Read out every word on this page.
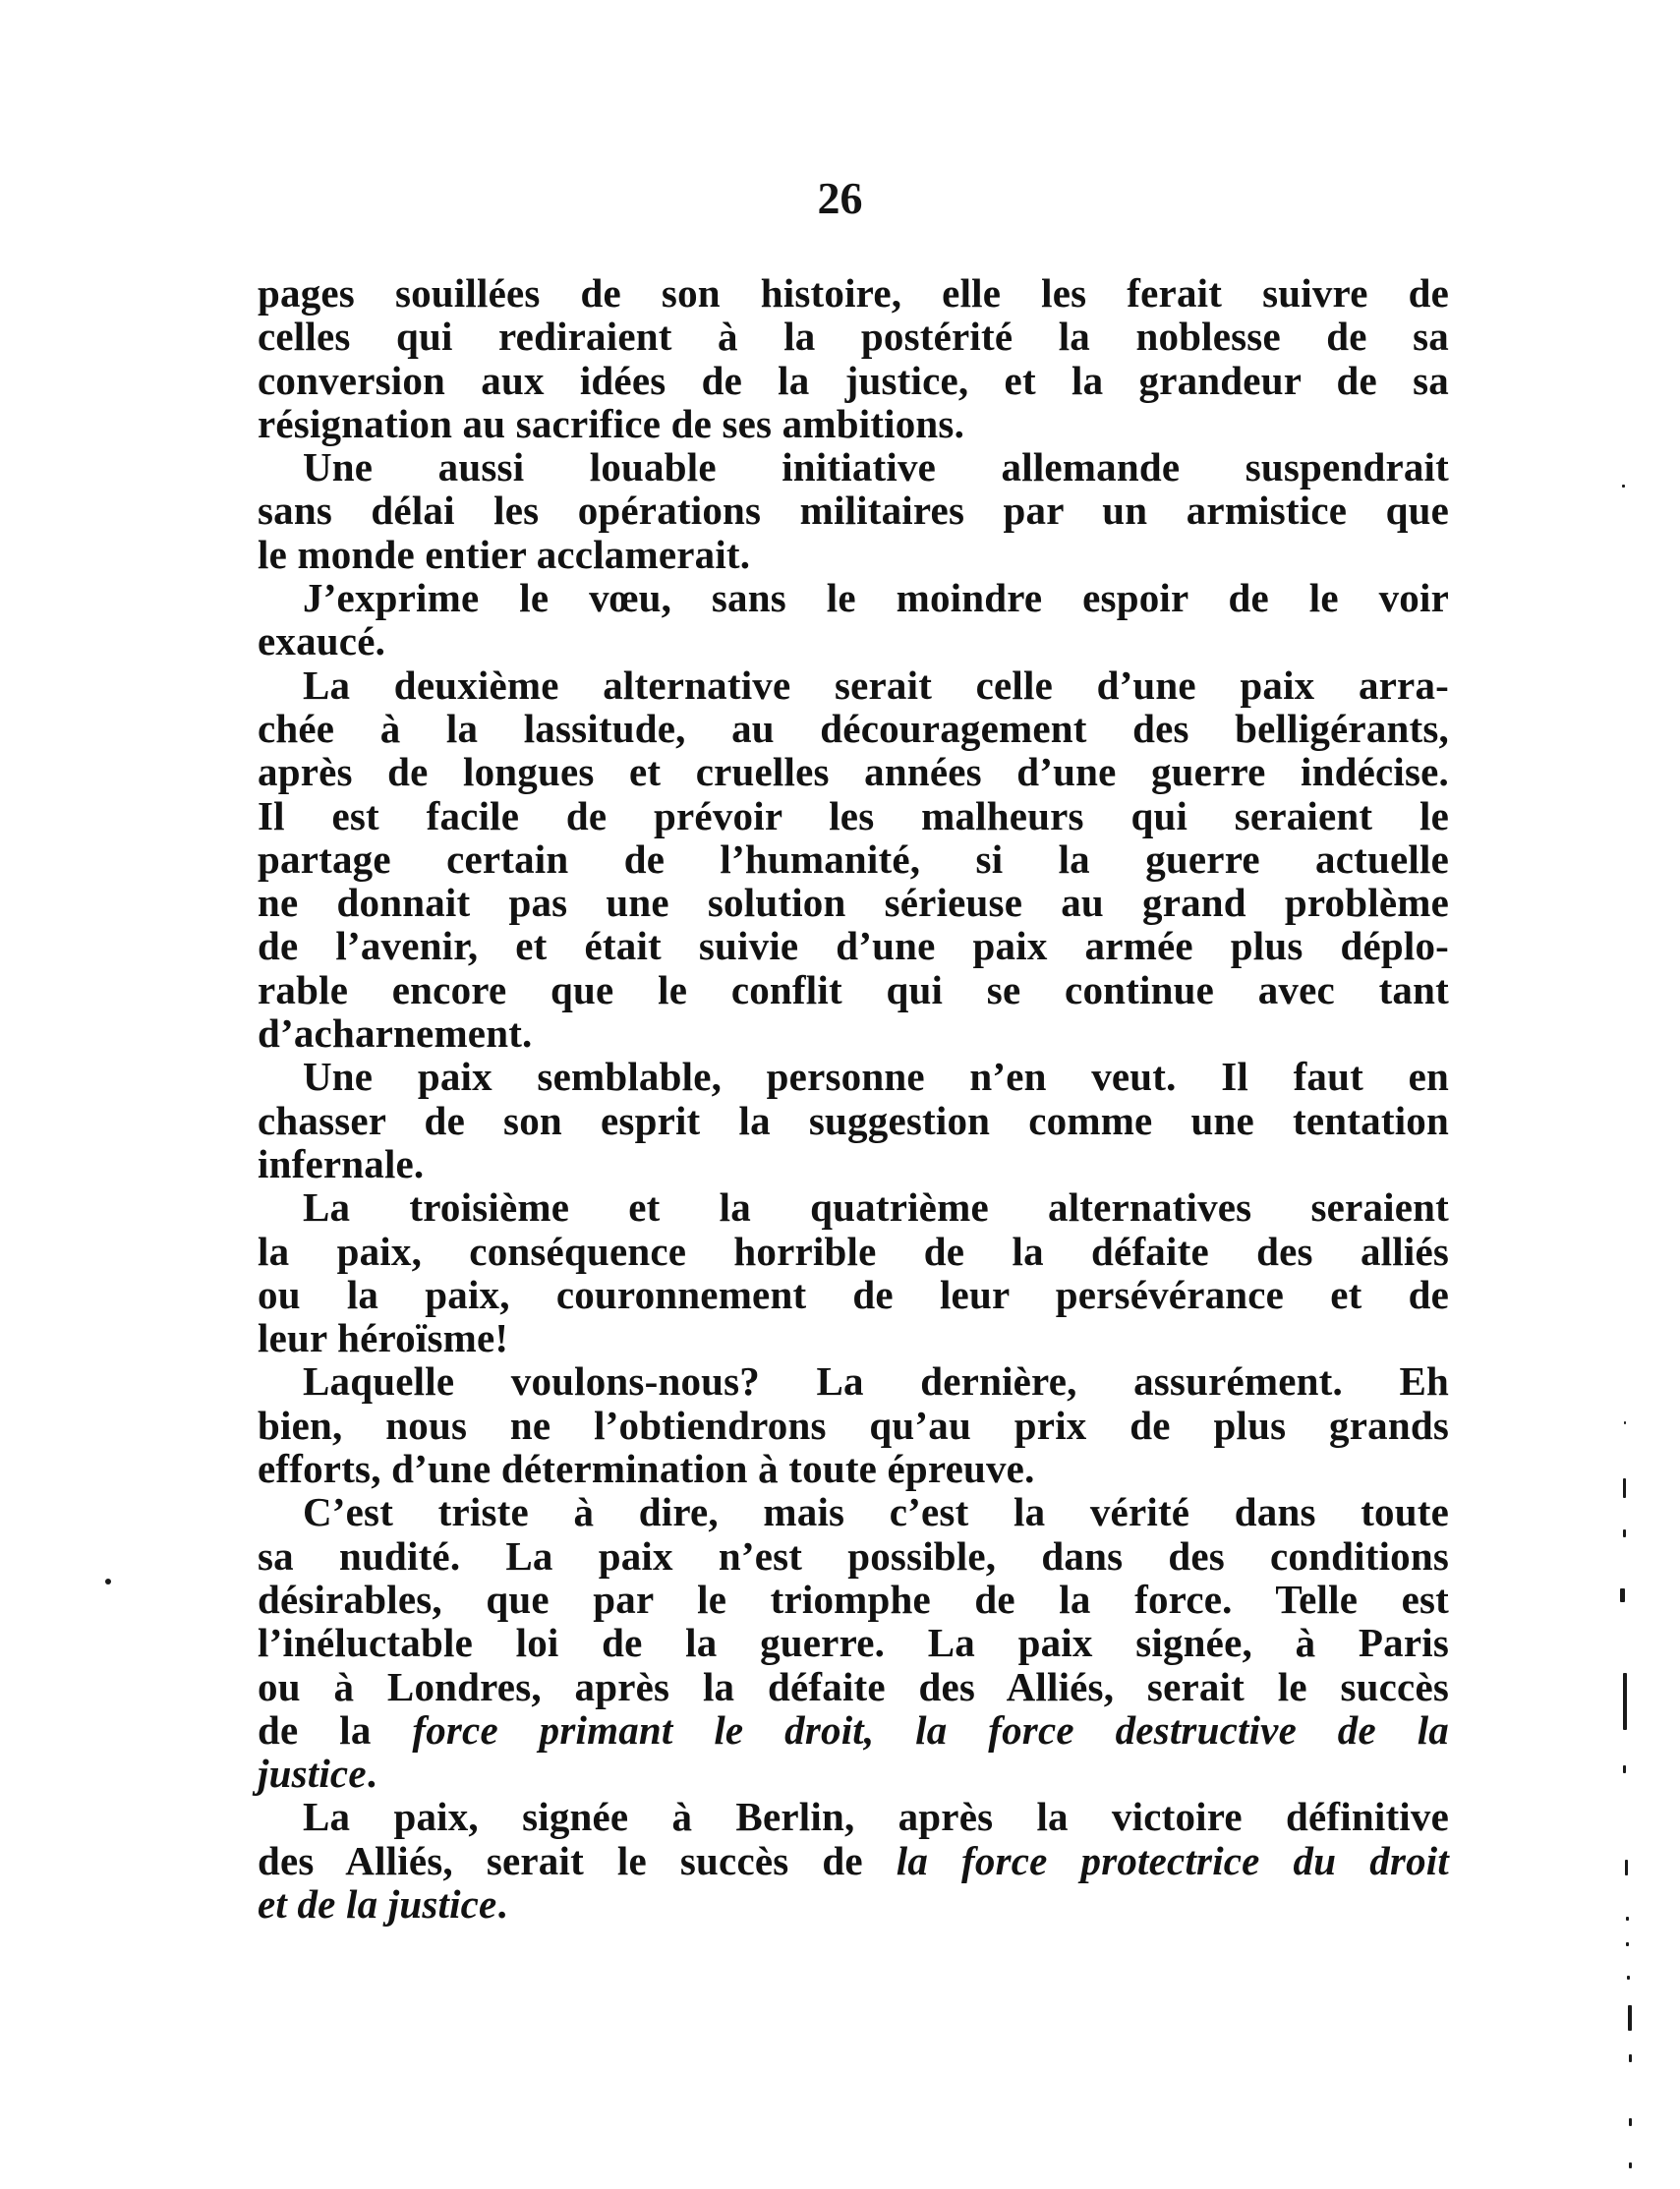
26
pages souillées de son histoire, elle les ferait suivre de
celles qui rediraient à la postérité la noblesse de sa
conversion aux idées de la justice, et la grandeur de sa
résignation au sacrifice de ses ambitions.
Une aussi louable initiative allemande suspendrait
sans délai les opérations militaires par un armistice que
le monde entier acclamerait.
J’exprime le vœu, sans le moindre espoir de le voir
exaucé.
La deuxième alternative serait celle d’une paix arra-
chée à la lassitude, au découragement des belligérants,
après de longues et cruelles années d’une guerre indécise.
Il est facile de prévoir les malheurs qui seraient le
partage certain de l’humanité, si la guerre actuelle
ne donnait pas une solution sérieuse au grand problème
de l’avenir, et était suivie d’une paix armée plus déplo-
rable encore que le conflit qui se continue avec tant
d’acharnement.
Une paix semblable, personne n’en veut. Il faut en
chasser de son esprit la suggestion comme une tentation
infernale.
La troisième et la quatrième alternatives seraient
la paix, conséquence horrible de la défaite des alliés
ou la paix, couronnement de leur persévérance et de
leur héroïsme!
Laquelle voulons-nous? La dernière, assurément. Eh
bien, nous ne l’obtiendrons qu’au prix de plus grands
efforts, d’une détermination à toute épreuve.
C’est triste à dire, mais c’est la vérité dans toute
sa nudité. La paix n’est possible, dans des conditions
désirables, que par le triomphe de la force. Telle est
l’inéluctable loi de la guerre. La paix signée, à Paris
ou à Londres, après la défaite des Alliés, serait le succès
de la force primant le droit, la force destructive de la
justice.
La paix, signée à Berlin, après la victoire définitive
des Alliés, serait le succès de la force protectrice du droit
et de la justice.
